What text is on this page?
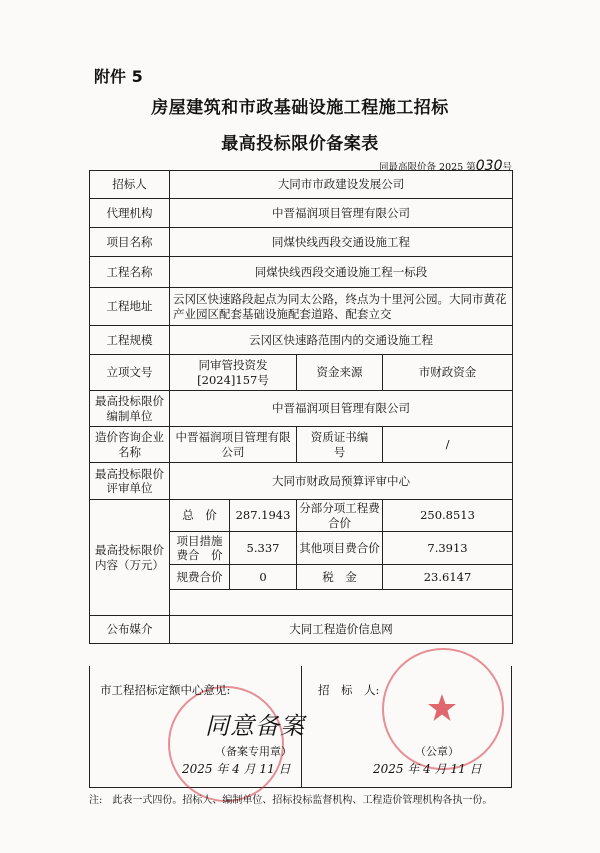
附件 5
房屋建筑和市政基础设施工程施工招标
最高投标限价备案表
同最高限价备 2025 第030号
招标人	大同市市政建设发展公司			
代理机构	中晋福润项目管理有限公司			
项目名称	同煤快线西段交通设施工程			
工程名称	同煤快线西段交通设施工程一标段			
工程地址	云冈区快速路段起点为同太公路，终点为十里河公园。大同市黄花产业园区配套基础设施配套道路、配套立交			
工程规模	云冈区快速路范围内的交通设施工程			
立项文号	同审管投资发[2024]157号		资金来源	市财政资金
最高投标限价编制单位	中晋福润项目管理有限公司			
造价咨询企业名称	中晋福润项目管理有限公司		资质证书编　　号	/
最高投标限价评审单位	大同市财政局预算评审中心			
最高投标限价内容（万元）	总　价	287.1943	分部分项工程费合价	250.8513
	项目措施费合　价	5.337	其他项目费合价	7.3913
	规费合价	0	税　金	23.6147

公布媒介	大同工程造价信息网			
市工程招标定额中心意见:	招　标　人:
同意备案
（备案专用章）	（公章）
2025 年 4 月 11 日	2025 年 4 月 11 日
注:　此表一式四份。招标人、编制单位、招标投标监督机构、工程造价管理机构各执一份。
